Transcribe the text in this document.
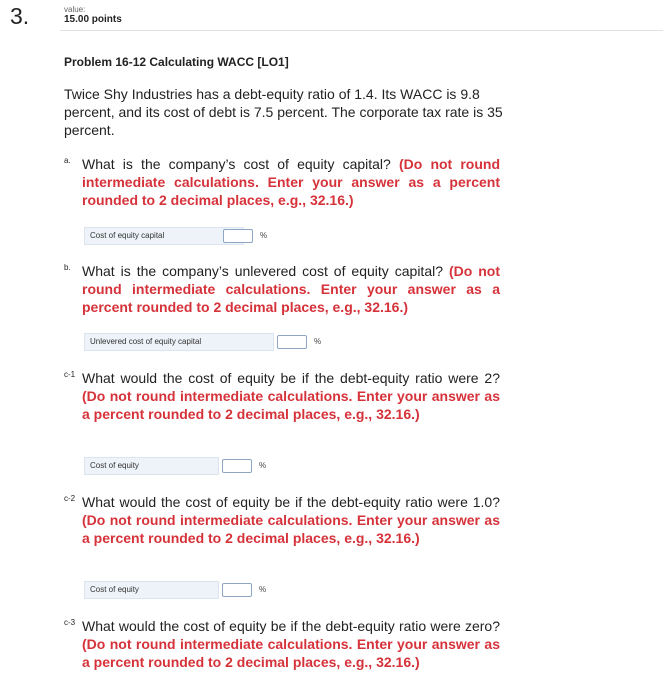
3.	value:
15.00 points
Problem 16-12 Calculating WACC [LO1]
Twice Shy Industries has a debt-equity ratio of 1.4. Its WACC is 9.8 percent, and its cost of debt is 7.5 percent. The corporate tax rate is 35 percent.
a. What is the company’s cost of equity capital? (Do not round intermediate calculations. Enter your answer as a percent rounded to 2 decimal places, e.g., 32.16.)
Cost of equity capital	%
b. What is the company’s unlevered cost of equity capital? (Do not round intermediate calculations. Enter your answer as a percent rounded to 2 decimal places, e.g., 32.16.)
Unlevered cost of equity capital	%
c-1 What would the cost of equity be if the debt-equity ratio were 2? (Do not round intermediate calculations. Enter your answer as a percent rounded to 2 decimal places, e.g., 32.16.)
Cost of equity	%
c-2 What would the cost of equity be if the debt-equity ratio were 1.0? (Do not round intermediate calculations. Enter your answer as a percent rounded to 2 decimal places, e.g., 32.16.)
Cost of equity	%
c-3 What would the cost of equity be if the debt-equity ratio were zero? (Do not round intermediate calculations. Enter your answer as a percent rounded to 2 decimal places, e.g., 32.16.)
